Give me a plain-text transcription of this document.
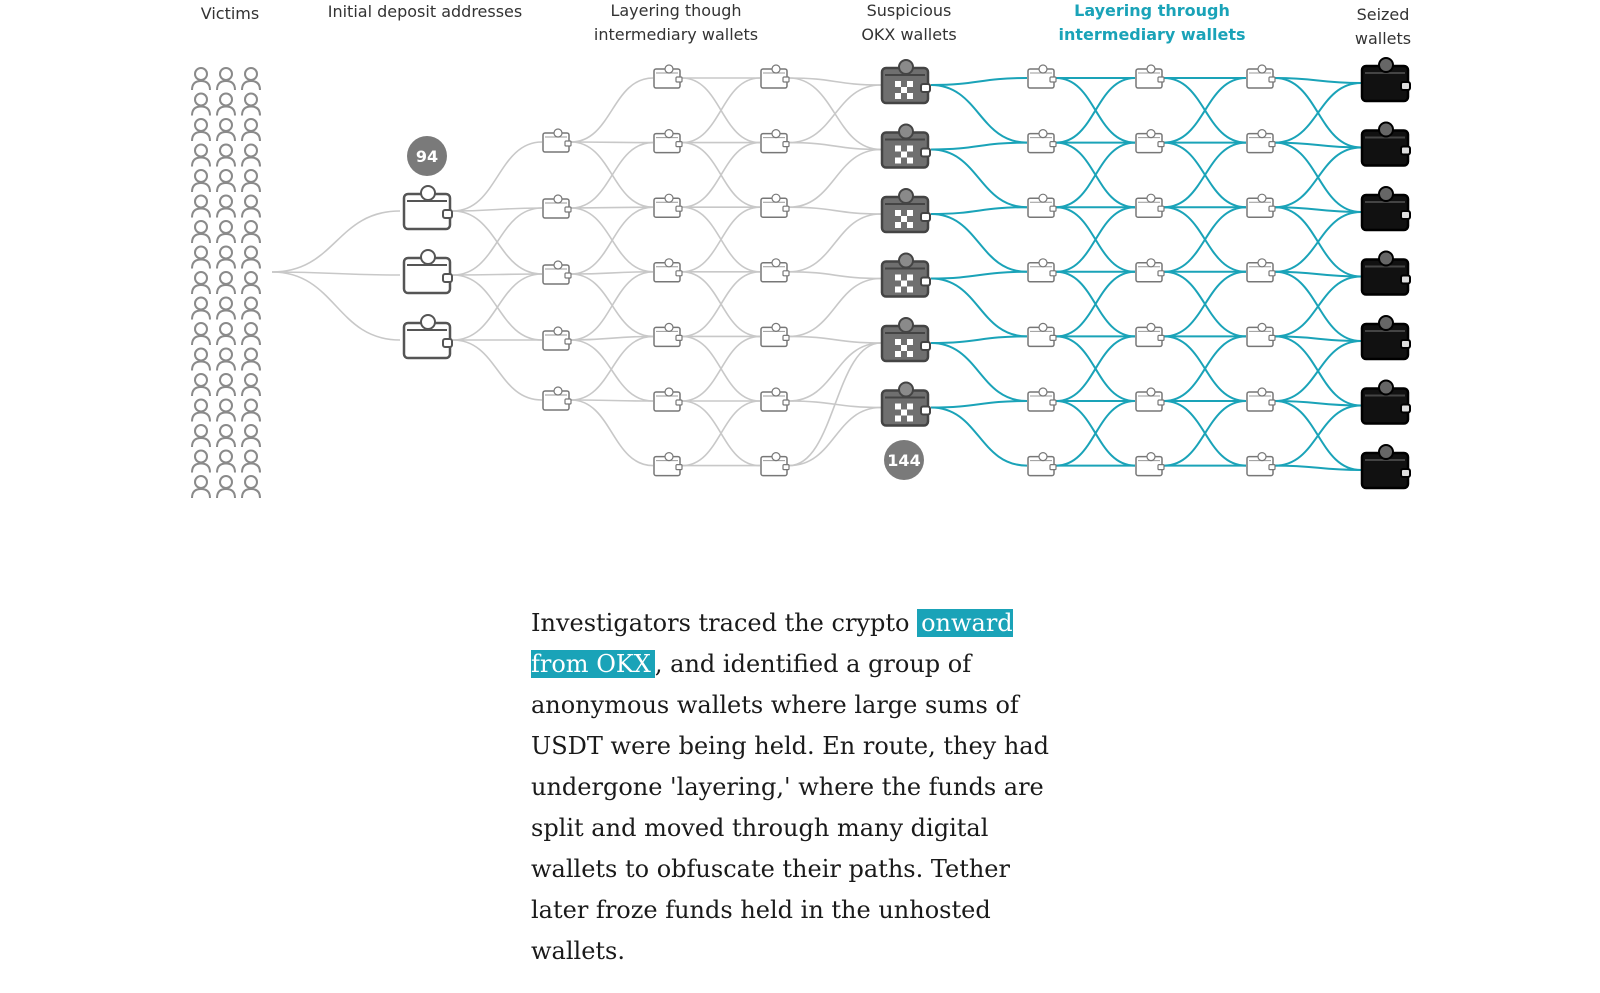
Victims	Initial deposit addresses	Layering though
intermediary wallets
Suspicious
OKX wallets
Layering through
intermediary wallets
Seized
wallets
94
144

Investigators traced the crypto onward from OKX , and identified a group of anonymous wallets where large sums of USDT were being held. En route, they had undergone 'layering,' where the funds are split and moved through many digital wallets to obfuscate their paths. Tether later froze funds held in the unhosted wallets.
